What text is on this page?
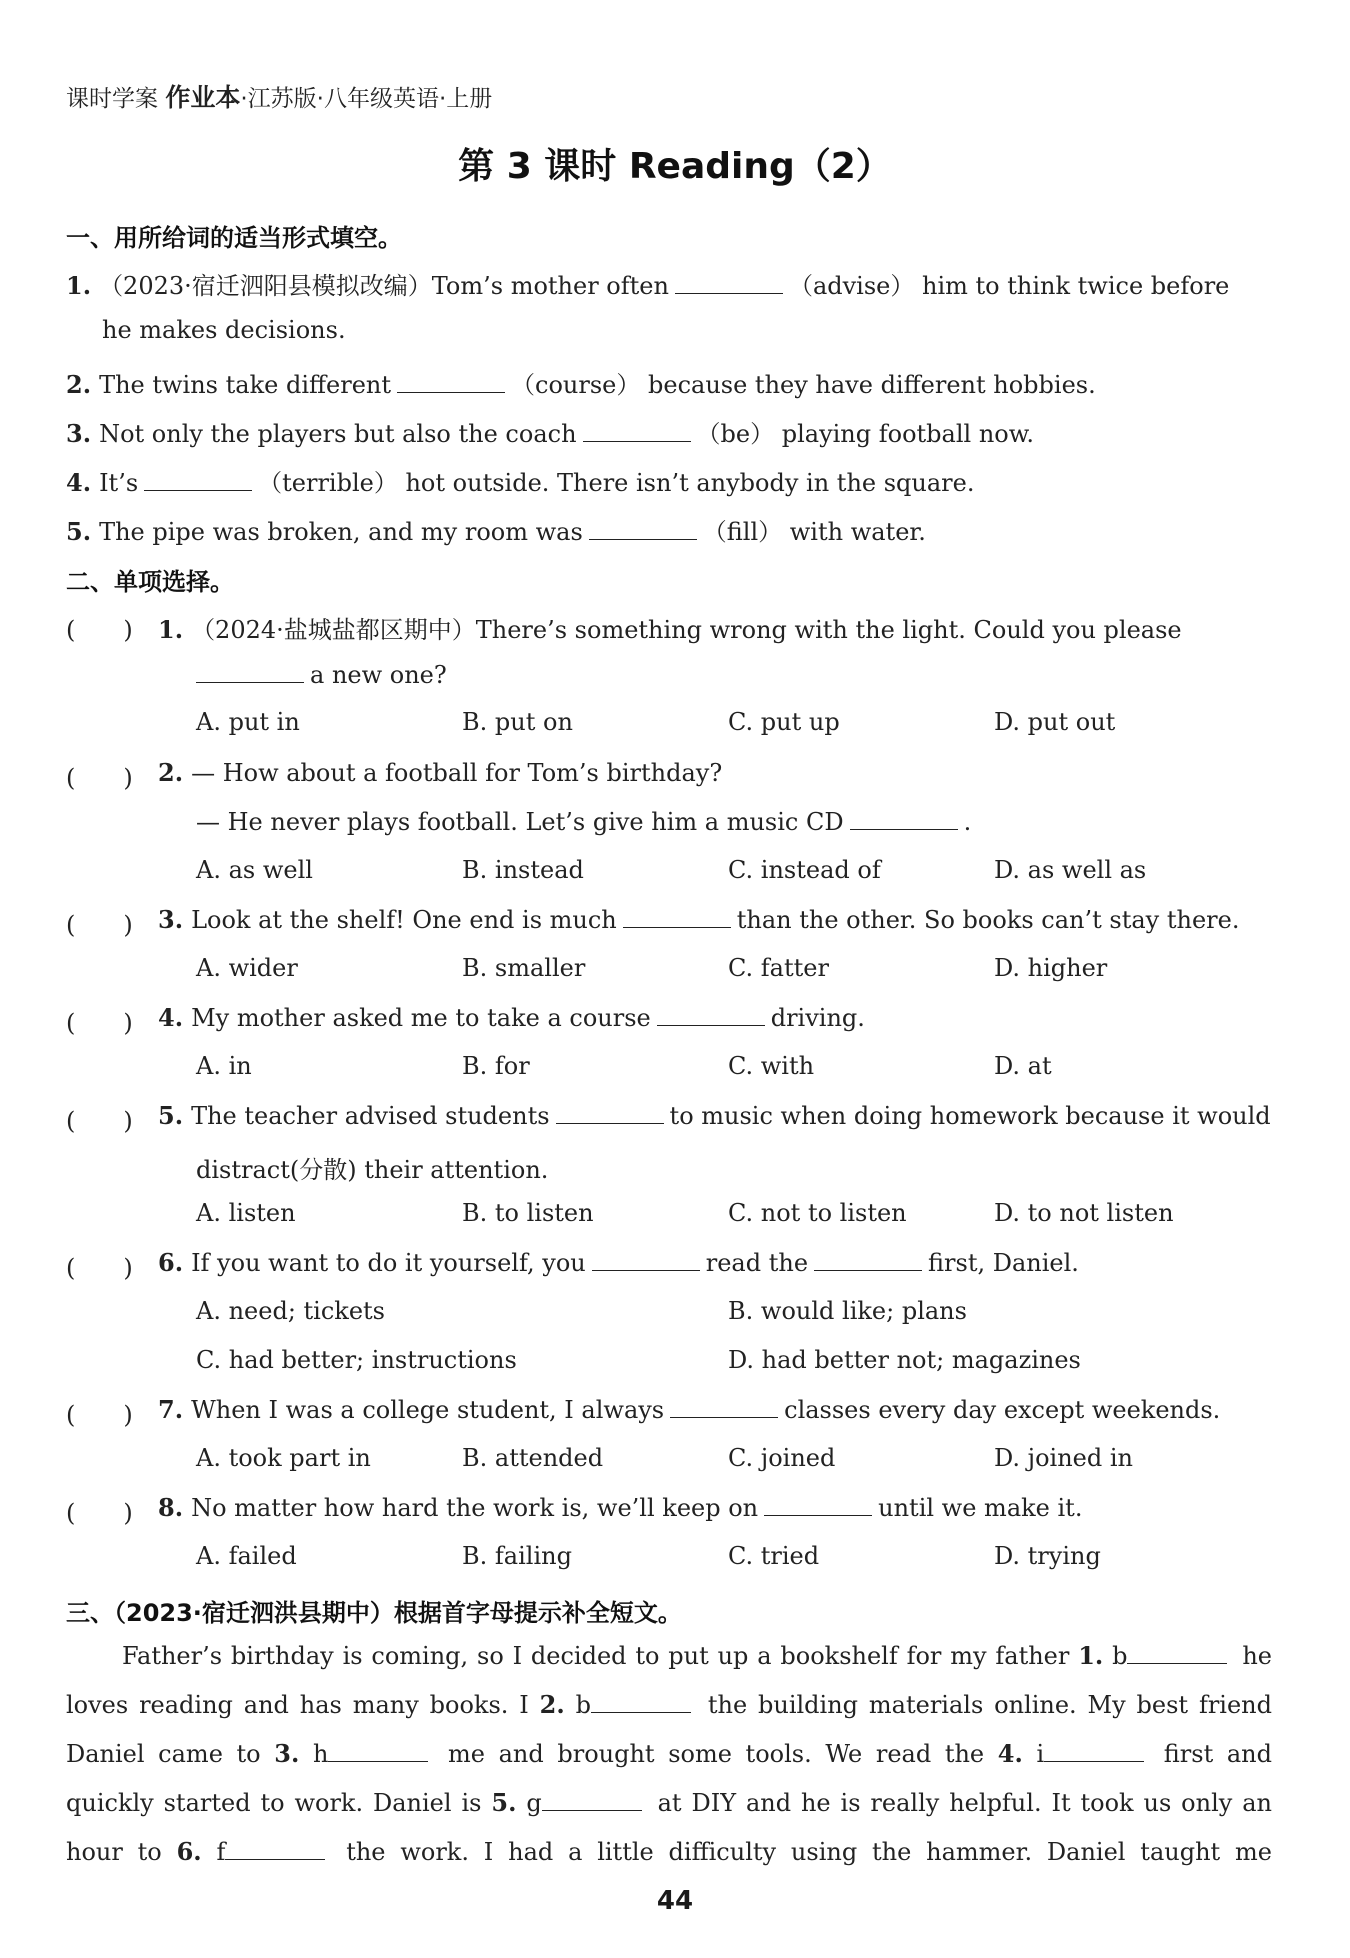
课时学案 作业本·江苏版·八年级英语·上册
第 3 课时 Reading（2）
一、用所给词的适当形式填空。
1. （2023·宿迁泗阳县模拟改编）Tom’s mother often	（advise） him to think twice before
he makes decisions.
2. The twins take different	（course） because they have different hobbies.
3. Not only the players but also the coach	（be） playing football now.
4. It’s	（terrible） hot outside. There isn’t anybody in the square.
5. The pipe was broken, and my room was	（fill） with water.
二、单项选择。
(　　) 1. （2024·盐城盐都区期中）There’s something wrong with the light. Could you please
a new one?
A. put in	B. put on	C. put up	D. put out
(　　) 2. — How about a football for Tom’s birthday?
— He never plays football. Let’s give him a music CD	.
A. as well	B. instead	C. instead of	D. as well as
(　　) 3. Look at the shelf! One end is much	than the other. So books can’t stay there.
A. wider	B. smaller	C. fatter	D. higher
(　　) 4. My mother asked me to take a course	driving.
A. in	B. for	C. with	D. at
(　　) 5. The teacher advised students	to music when doing homework because it would
distract(分散) their attention.
A. listen	B. to listen	C. not to listen	D. to not listen
(　　) 6. If you want to do it yourself, you	read the	first, Daniel.
A. need; tickets	B. would like; plans
C. had better; instructions	D. had better not; magazines
(　　) 7. When I was a college student, I always	classes every day except weekends.
A. took part in	B. attended	C. joined	D. joined in
(　　) 8. No matter how hard the work is, we’ll keep on	until we make it.
A. failed	B. failing	C. tried	D. trying
三、（2023·宿迁泗洪县期中）根据首字母提示补全短文。
Father’s birthday is coming, so I decided to put up a bookshelf for my father 1. b	he
loves reading and has many books. I 2. b	the building materials online. My best friend
Daniel came to 3. h	me and brought some tools. We read the 4. i	first and
quickly started to work. Daniel is 5. g	at DIY and he is really helpful. It took us only an
hour to 6. f	the work. I had a little difficulty using the hammer. Daniel taught me
44
